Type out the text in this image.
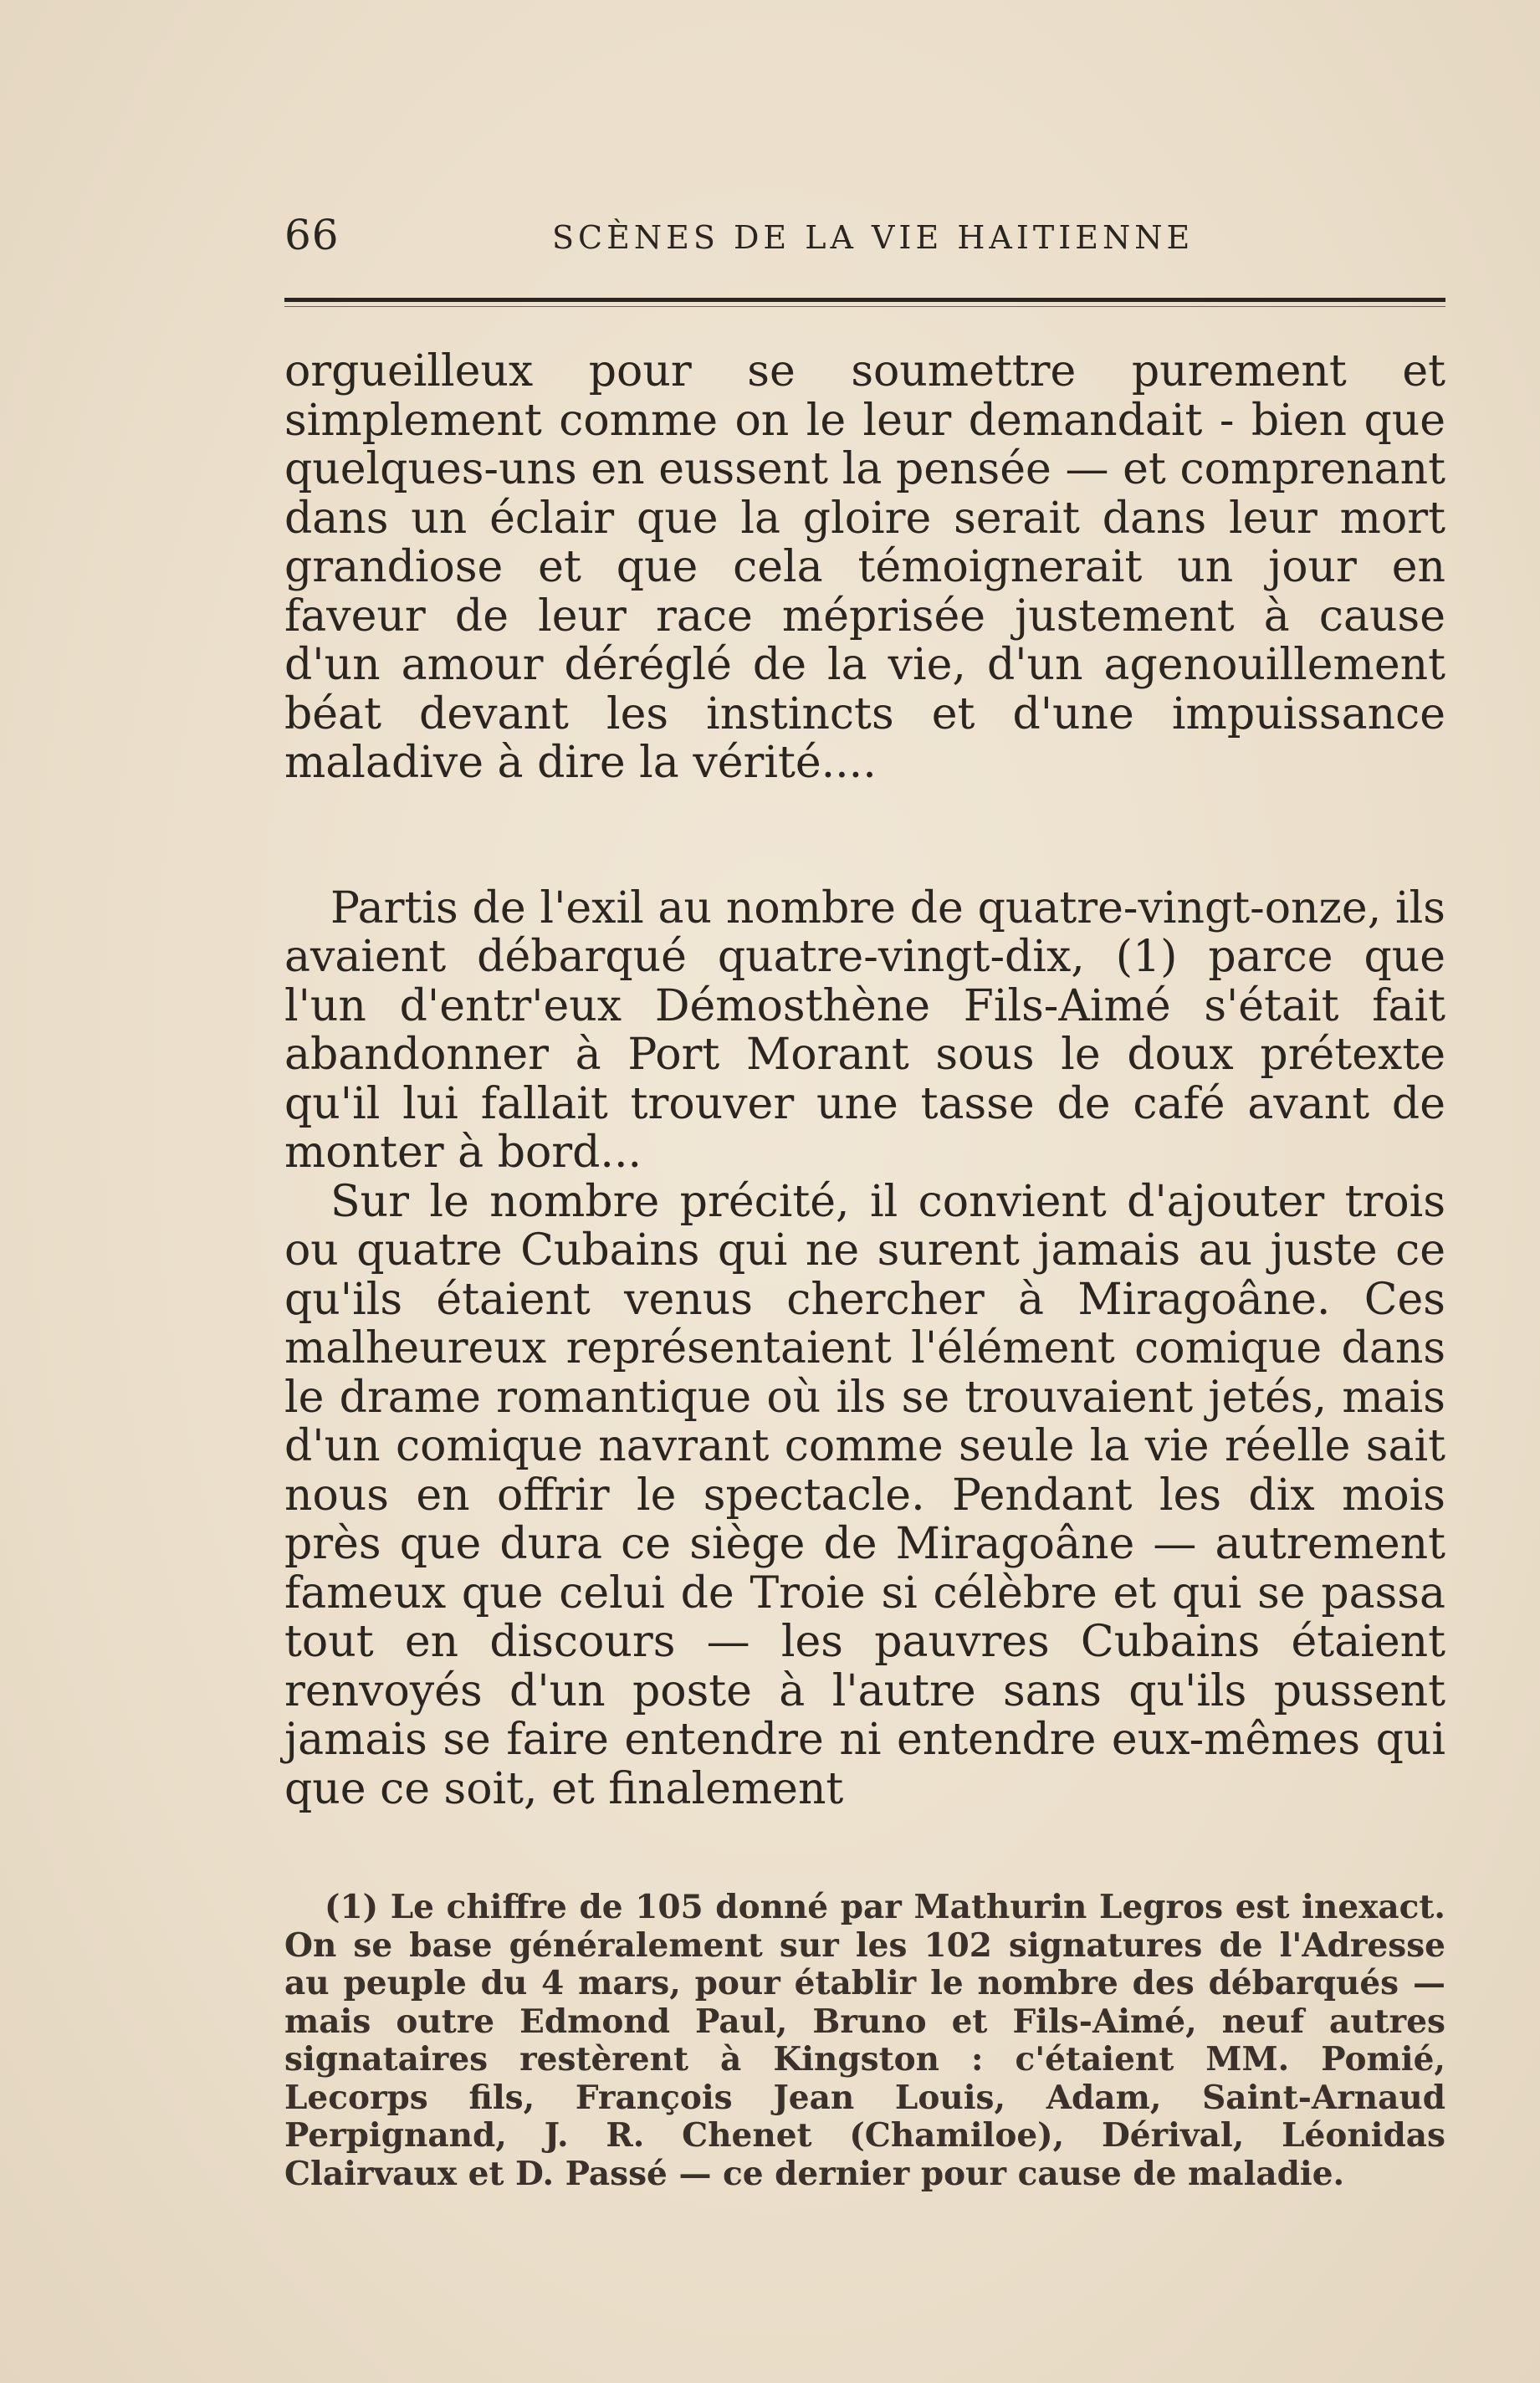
66	SCÈNES DE LA VIE HAITIENNE

orgueilleux pour se soumettre purement et simplement comme on le leur demandait - bien que quelques-uns en eussent la pensée — et comprenant dans un éclair que la gloire serait dans leur mort grandiose et que cela témoignerait un jour en faveur de leur race méprisée justement à cause d'un amour déréglé de la vie, d'un agenouillement béat devant les instincts et d'une impuissance maladive à dire la vérité....

Partis de l'exil au nombre de quatre-vingt-onze, ils avaient débarqué quatre-vingt-dix, (1) parce que l'un d'entr'eux Démosthène Fils-Aimé s'était fait abandonner à Port Morant sous le doux prétexte qu'il lui fallait trouver une tasse de café avant de monter à bord...

Sur le nombre précité, il convient d'ajouter trois ou quatre Cubains qui ne surent jamais au juste ce qu'ils étaient venus chercher à Miragoâne. Ces malheureux représentaient l'élément comique dans le drame romantique où ils se trouvaient jetés, mais d'un comique navrant comme seule la vie réelle sait nous en offrir le spectacle. Pendant les dix mois près que dura ce siège de Miragoâne — autrement fameux que celui de Troie si célèbre et qui se passa tout en discours — les pauvres Cubains étaient renvoyés d'un poste à l'autre sans qu'ils pussent jamais se faire entendre ni entendre eux-mêmes qui que ce soit, et finalement

(1) Le chiffre de 105 donné par Mathurin Legros est inexact. On se base généralement sur les 102 signatures de l'Adresse au peuple du 4 mars, pour établir le nombre des débarqués — mais outre Edmond Paul, Bruno et Fils-Aimé, neuf autres signataires restèrent à Kingston : c'étaient MM. Pomié, Lecorps fils, François Jean Louis, Adam, Saint-Arnaud Perpignand, J. R. Chenet (Chamiloe), Dérival, Léonidas Clairvaux et D. Passé — ce dernier pour cause de maladie.
